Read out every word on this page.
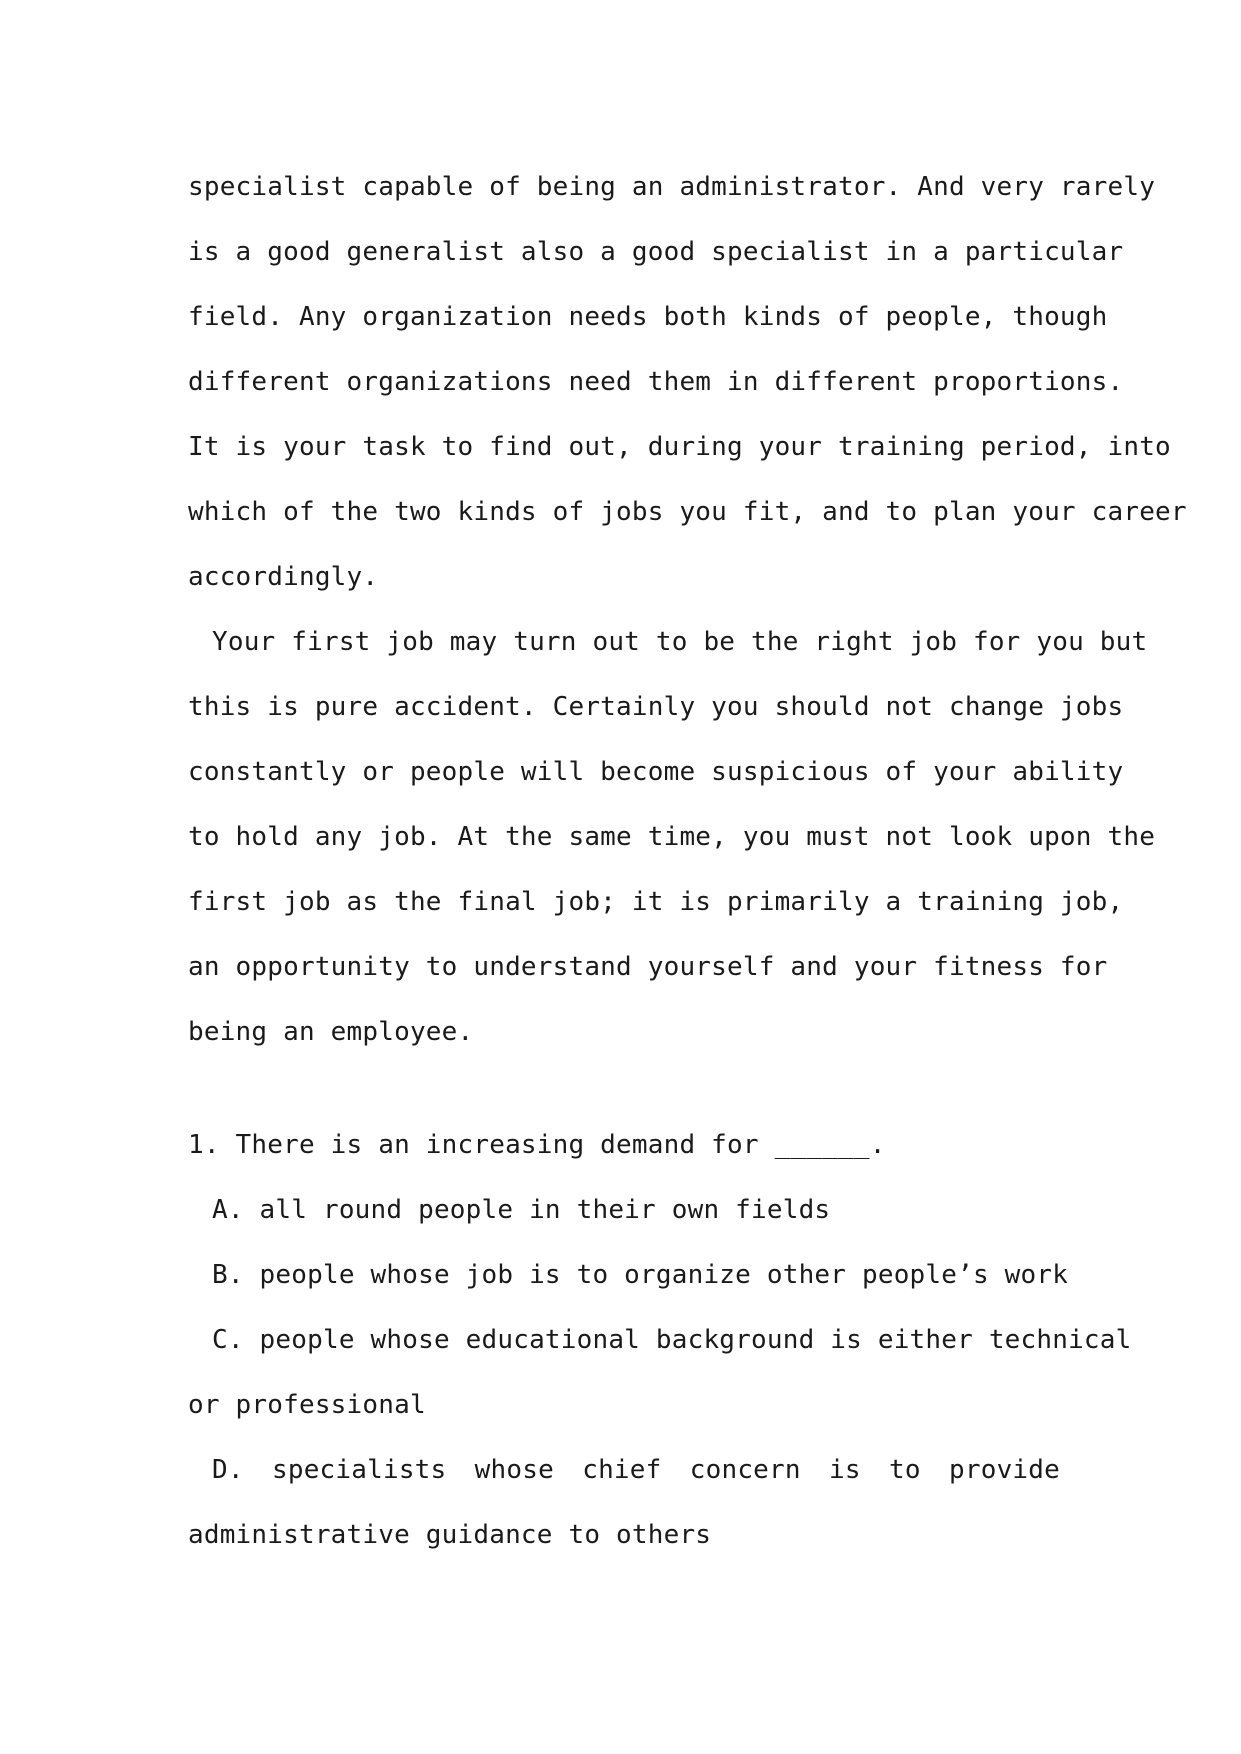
specialist capable of being an administrator. And very rarely
is a good generalist also a good specialist in a particular
field. Any organization needs both kinds of people, though
different organizations need them in different proportions.
It is your task to find out, during your training period, into
which of the two kinds of jobs you fit, and to plan your career
accordingly.
Your first job may turn out to be the right job for you but
this is pure accident. Certainly you should not change jobs
constantly or people will become suspicious of your ability
to hold any job. At the same time, you must not look upon the
first job as the final job; it is primarily a training job,
an opportunity to understand yourself and your fitness for
being an employee.
1. There is an increasing demand for ______.
A. all round people in their own fields
B. people whose job is to organize other people’s work
C. people whose educational background is either technical
or professional
D. specialists whose chief concern is to provide
administrative guidance to others
